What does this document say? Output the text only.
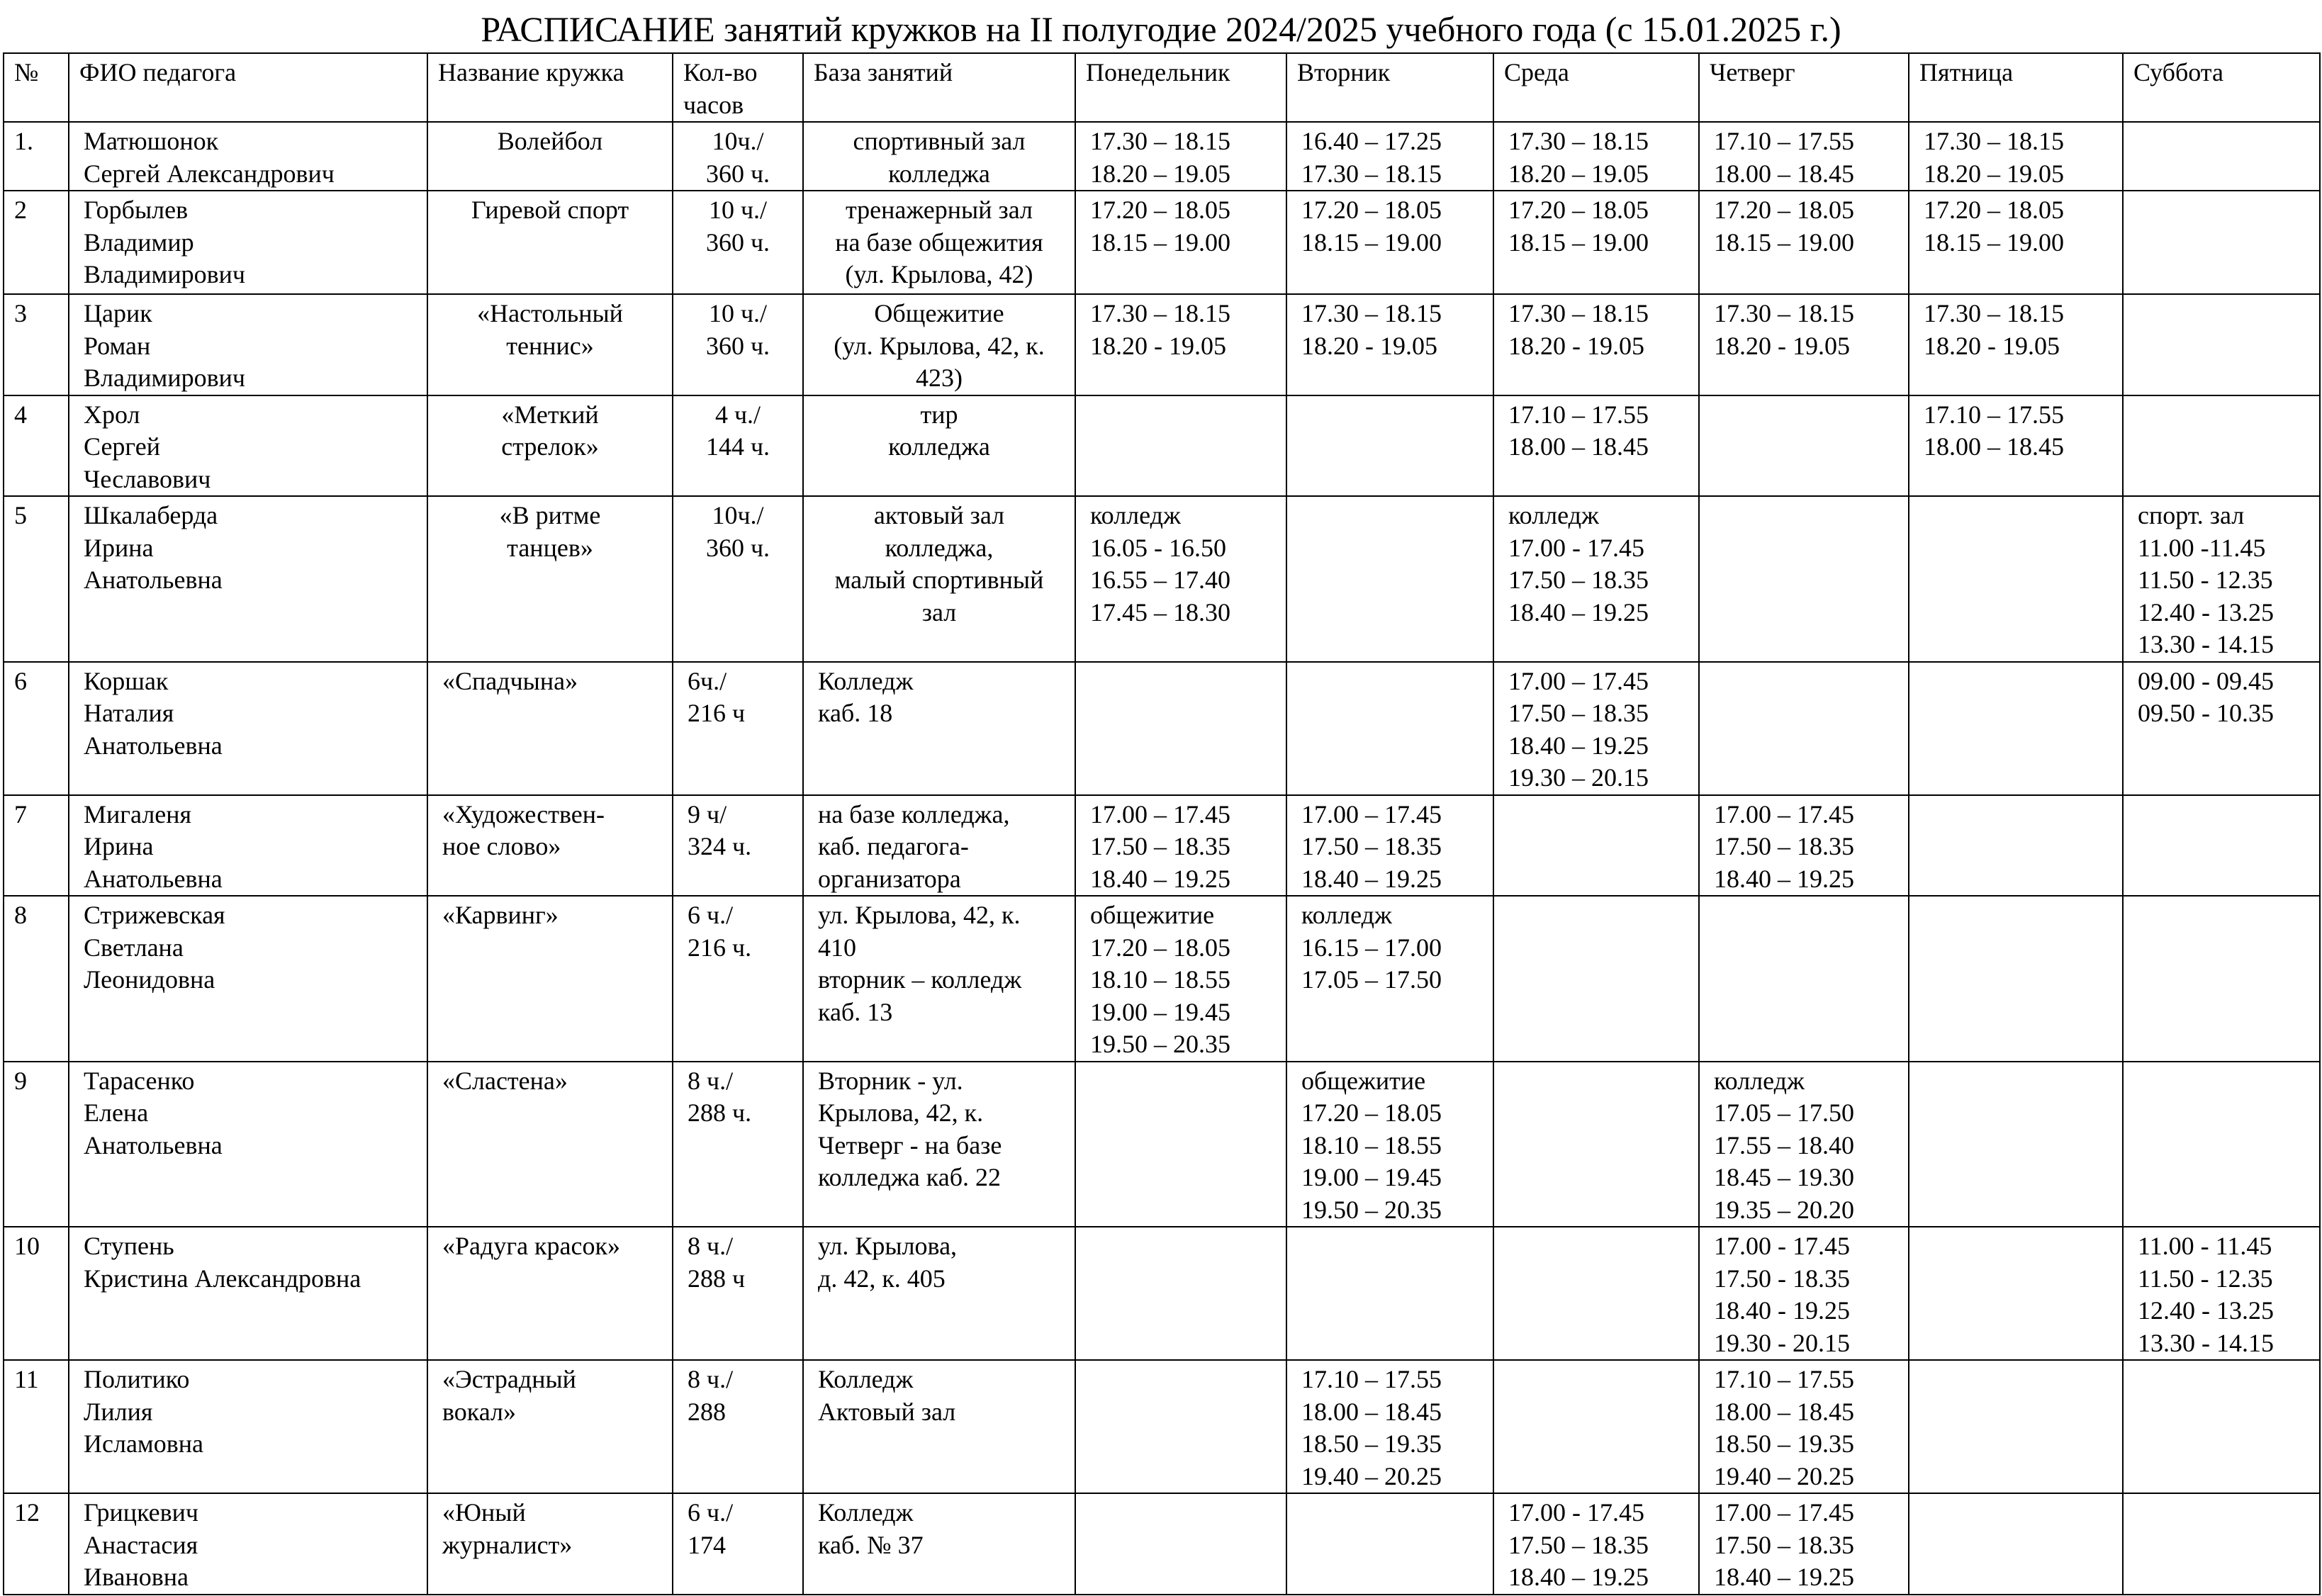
РАСПИСАНИЕ занятий кружков на II полугодие 2024/2025 учебного года (с 15.01.2025 г.)
№	ФИО педагога	Название кружка	Кол-во
часов	База занятий	Понедельник	Вторник	Среда	Четверг	Пятница	Суббота
1.	Матюшонок
Сергей Александрович	Волейбол	10ч./
360 ч.	спортивный зал
колледжа	17.30 – 18.15
18.20 – 19.05	16.40 – 17.25
17.30 – 18.15	17.30 – 18.15
18.20 – 19.05	17.10 – 17.55
18.00 – 18.45	17.30 – 18.15
18.20 – 19.05	
2	Горбылев
Владимир
Владимирович	Гиревой спорт	10 ч./
360 ч.	тренажерный зал
на базе общежития
(ул. Крылова, 42)	17.20 – 18.05
18.15 – 19.00	17.20 – 18.05
18.15 – 19.00	17.20 – 18.05
18.15 – 19.00	17.20 – 18.05
18.15 – 19.00	17.20 – 18.05
18.15 – 19.00	
3	Царик
Роман
Владимирович	«Настольный
теннис»	10 ч./
360 ч.	Общежитие
(ул. Крылова, 42, к.
423)	17.30 – 18.15
18.20 - 19.05	17.30 – 18.15
18.20 - 19.05	17.30 – 18.15
18.20 - 19.05	17.30 – 18.15
18.20 - 19.05	17.30 – 18.15
18.20 - 19.05	
4	Хрол
Сергей
Чеславович	«Меткий
стрелок»	4 ч./
144 ч.	тир
колледжа			17.10 – 17.55
18.00 – 18.45		17.10 – 17.55
18.00 – 18.45	
5	Шкалаберда
Ирина
Анатольевна	«В ритме
танцев»	10ч./
360 ч.	актовый зал
колледжа,
малый спортивный
зал	колледж
16.05 - 16.50
16.55 – 17.40
17.45 – 18.30		колледж
17.00 - 17.45
17.50 – 18.35
18.40 – 19.25			спорт. зал
11.00 -11.45
11.50 - 12.35
12.40 - 13.25
13.30 - 14.15
6	Коршак
Наталия
Анатольевна	«Спадчына»	6ч./
216 ч	Колледж
каб. 18			17.00 – 17.45
17.50 – 18.35
18.40 – 19.25
19.30 – 20.15			09.00 - 09.45
09.50 - 10.35
7	Мигаленя
Ирина
Анатольевна	«Художествен-
ное слово»	9 ч/
324 ч.	на базе колледжа,
каб. педагога-
организатора	17.00 – 17.45
17.50 – 18.35
18.40 – 19.25	17.00 – 17.45
17.50 – 18.35
18.40 – 19.25		17.00 – 17.45
17.50 – 18.35
18.40 – 19.25		
8	Стрижевская
Светлана
Леонидовна	«Карвинг»	6 ч./
216 ч.	ул. Крылова, 42, к.
410
вторник – колледж
каб. 13	общежитие
17.20 – 18.05
18.10 – 18.55
19.00 – 19.45
19.50 – 20.35	колледж
16.15 – 17.00
17.05 – 17.50				
9	Тарасенко
Елена
Анатольевна	«Сластена»	8 ч./
288 ч.	Вторник - ул.
Крылова, 42, к.
Четверг - на базе
колледжа каб. 22		общежитие
17.20 – 18.05
18.10 – 18.55
19.00 – 19.45
19.50 – 20.35		колледж
17.05 – 17.50
17.55 – 18.40
18.45 – 19.30
19.35 – 20.20		
10	Ступень
Кристина Александровна	«Радуга красок»	8 ч./
288 ч	ул. Крылова,
д. 42, к. 405				17.00 - 17.45
17.50 - 18.35
18.40 - 19.25
19.30 - 20.15		11.00 - 11.45
11.50 - 12.35
12.40 - 13.25
13.30 - 14.15
11	Политико
Лилия
Исламовна	«Эстрадный
вокал»	8 ч./
288	Колледж
Актовый зал		17.10 – 17.55
18.00 – 18.45
18.50 – 19.35
19.40 – 20.25		17.10 – 17.55
18.00 – 18.45
18.50 – 19.35
19.40 – 20.25		
12	Грицкевич
Анастасия
Ивановна	«Юный
журналист»	6 ч./
174	Колледж
каб. № 37			17.00 - 17.45
17.50 – 18.35
18.40 – 19.25	17.00 – 17.45
17.50 – 18.35
18.40 – 19.25		
